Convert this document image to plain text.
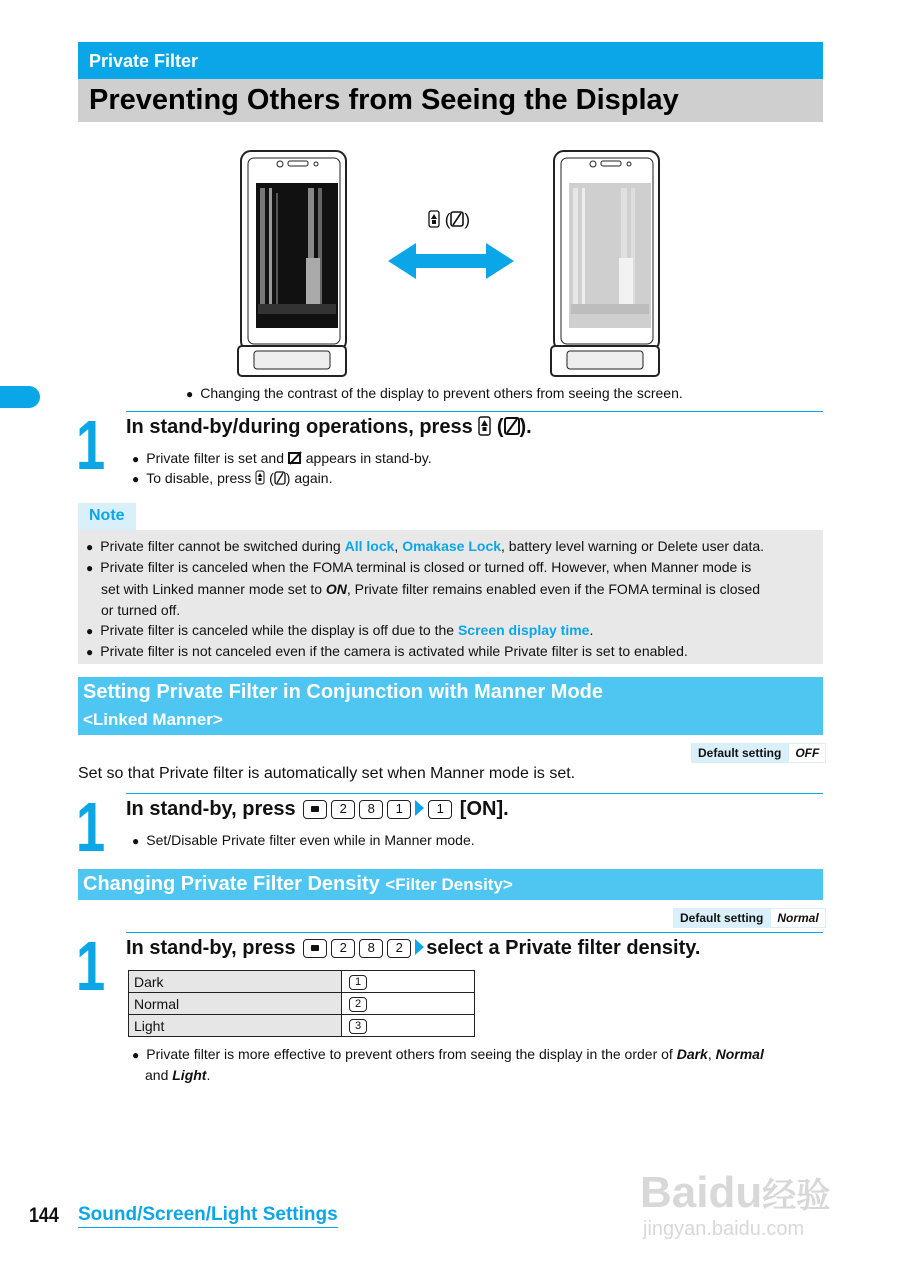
Private Filter
Preventing Others from Seeing the Display
( )
● Changing the contrast of the display to prevent others from seeing the screen.
1 In stand-by/during operations, press  ( ).
● Private filter is set and appears in stand-by.
● To disable, press  ( ) again.
Note
● Private filter cannot be switched during All lock, Omakase Lock, battery level warning or Delete user data.
● Private filter is canceled when the FOMA terminal is closed or turned off. However, when Manner mode is
set with Linked manner mode set to ON, Private filter remains enabled even if the FOMA terminal is closed
or turned off.
● Private filter is canceled while the display is off due to the Screen display time.
● Private filter is not canceled even if the camera is activated while Private filter is set to enabled.
Setting Private Filter in Conjunction with Manner Mode
<Linked Manner>
Default setting	OFF
Set so that Private filter is automatically set when Manner mode is set.
1 In stand-by, press	2 8 1	1 [ON].
● Set/Disable Private filter even while in Manner mode.
Changing Private Filter Density <Filter Density>
Default setting	Normal
1 In stand-by, press	2 8 2 select a Private filter density.
Dark	1
Normal	2
Light	3
● Private filter is more effective to prevent others from seeing the display in the order of Dark, Normal
and Light.
144 Sound/Screen/Light Settings	Baidu经验
jingyan.baidu.com
